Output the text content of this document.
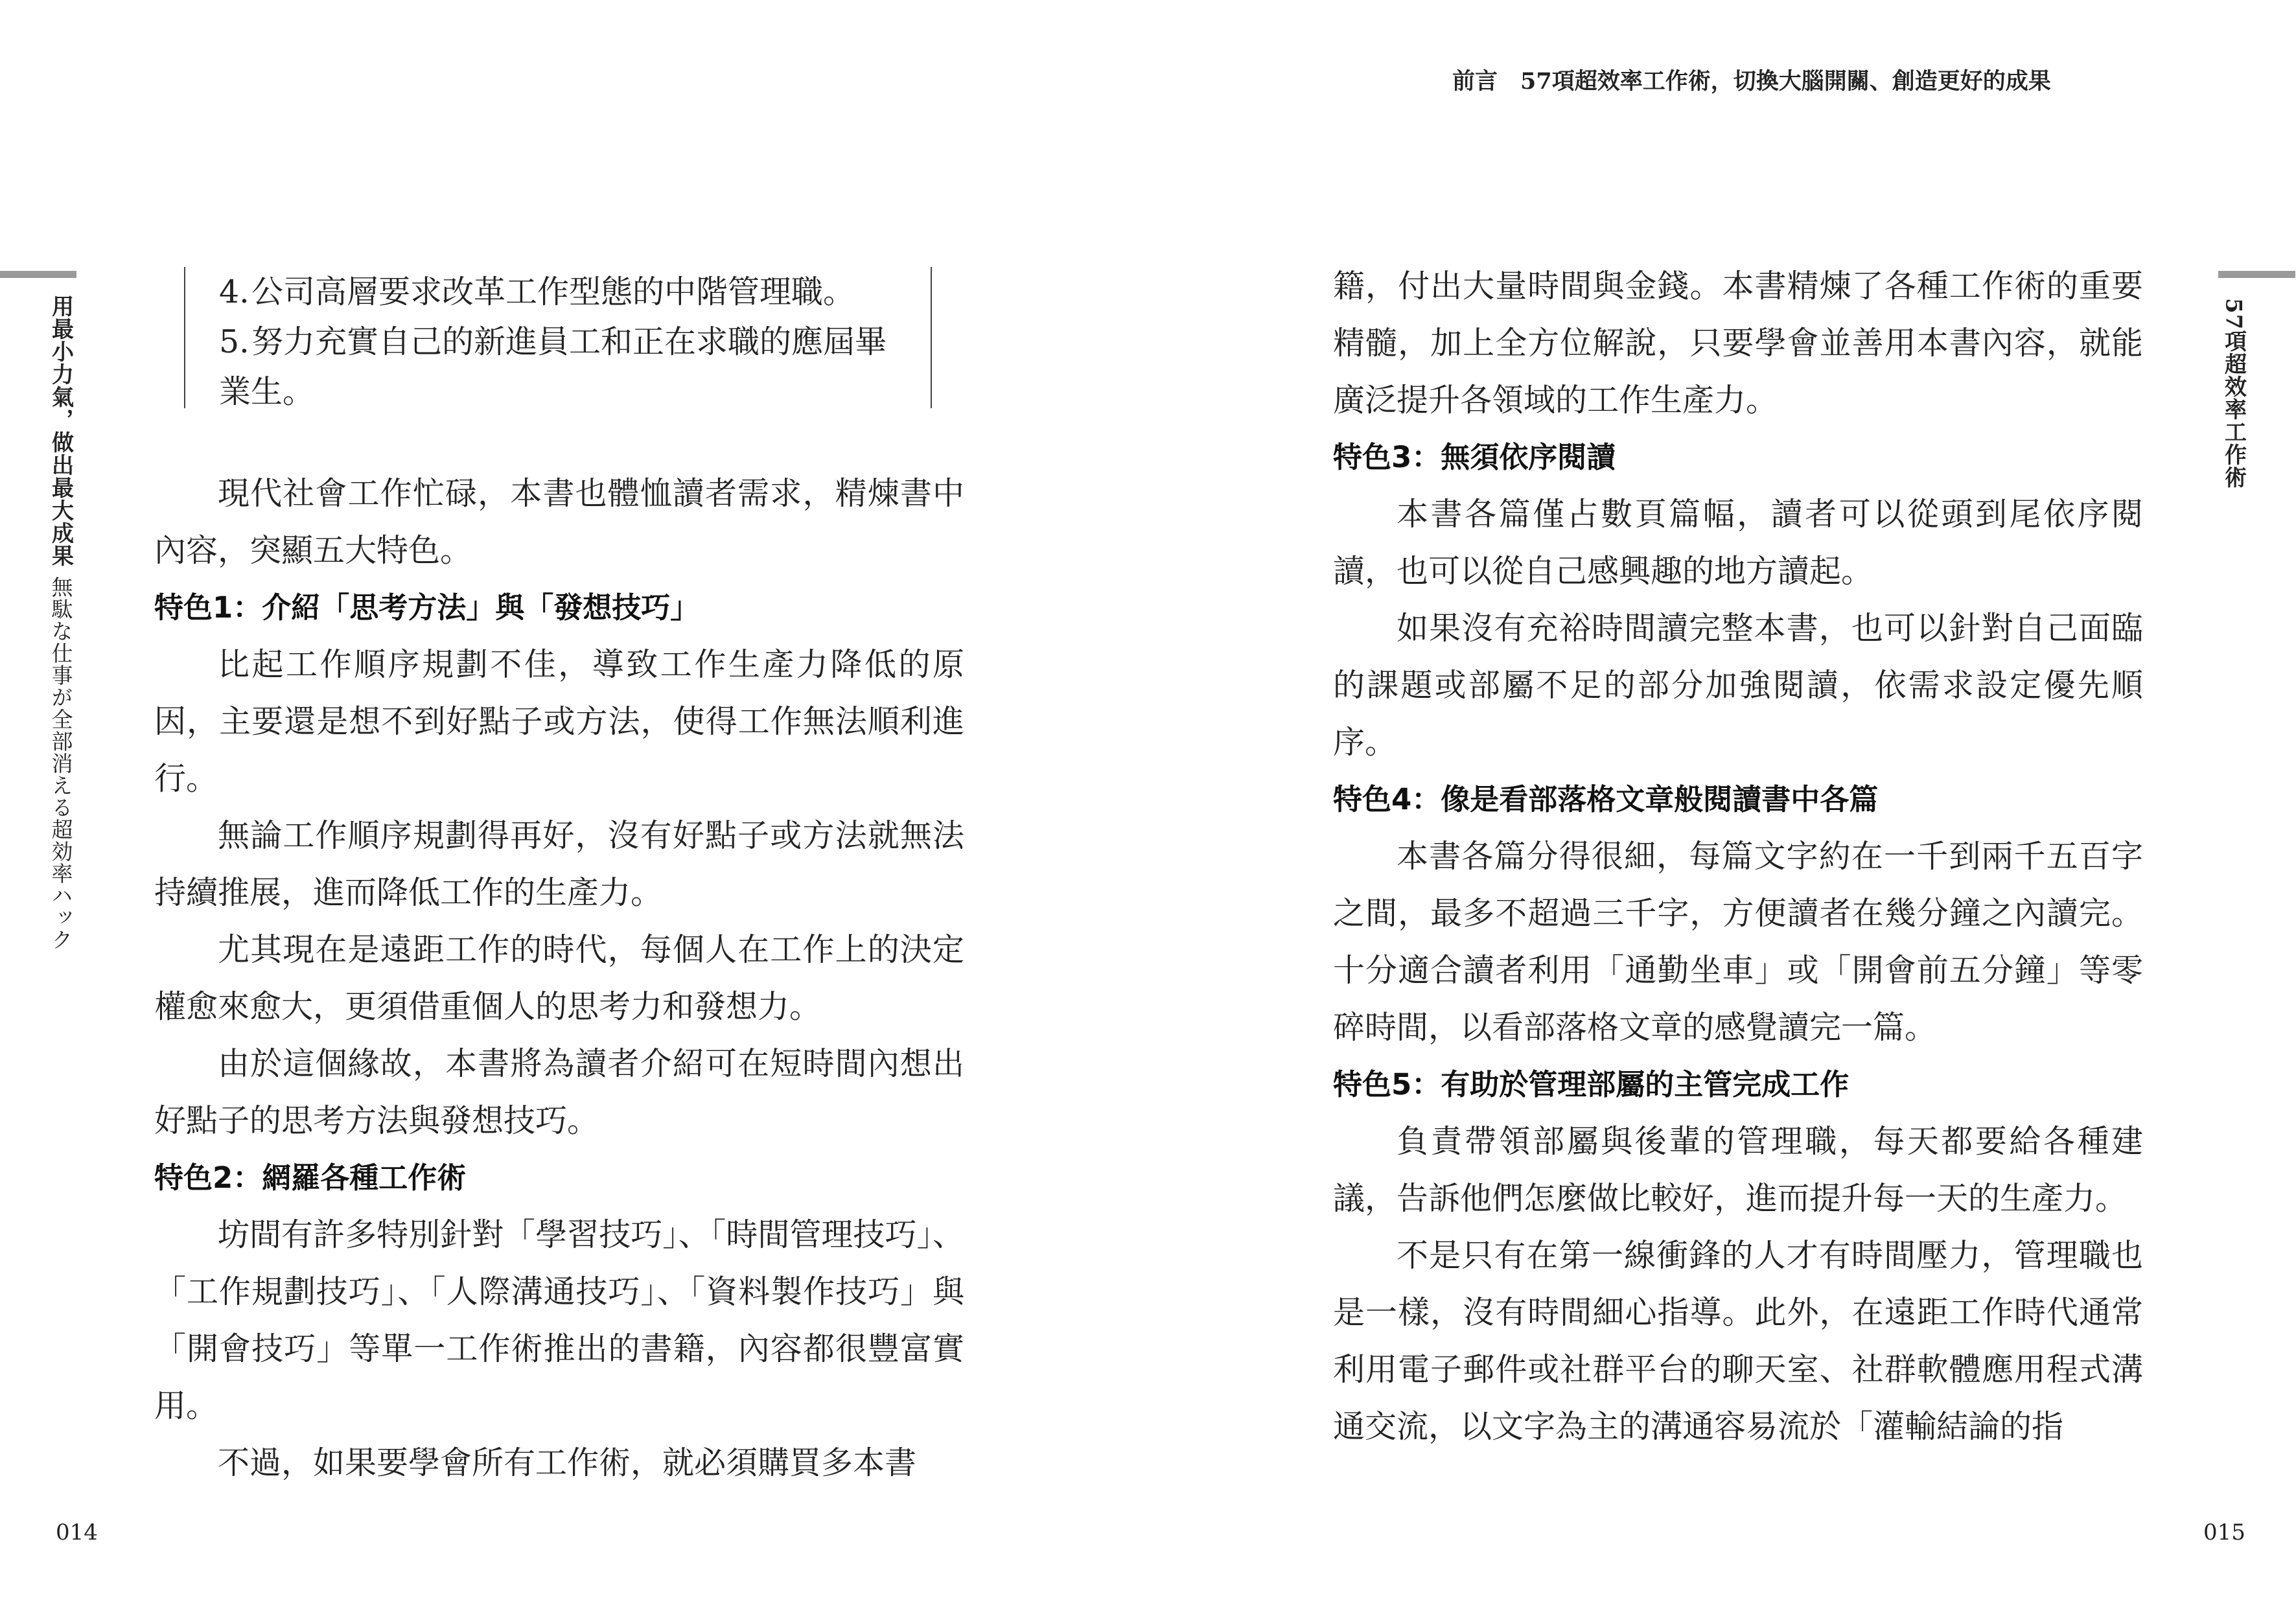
用最小力氣，做出最大成果無駄な仕事が全部消える超効率ハック

4.公司高層要求改革工作型態的中階管理職。

5.努力充實自己的新進員工和正在求職的應屆畢

業生。

現代社會工作忙碌，本書也體恤讀者需求，精煉書中內容，突顯五大特色。

特色1：介紹「思考方法」與「發想技巧」

比起工作順序規劃不佳，導致工作生產力降低的原因，主要還是想不到好點子或方法，使得工作無法順利進行。

無論工作順序規劃得再好，沒有好點子或方法就無法持續推展，進而降低工作的生產力。

尤其現在是遠距工作的時代，每個人在工作上的決定權愈來愈大，更須借重個人的思考力和發想力。

由於這個緣故，本書將為讀者介紹可在短時間內想出好點子的思考方法與發想技巧。

特色2：網羅各種工作術

坊間有許多特別針對「學習技巧」、「時間管理技巧」、「工作規劃技巧」、「人際溝通技巧」、「資料製作技巧」與「開會技巧」等單一工作術推出的書籍，內容都很豐富實用。

不過，如果要學會所有工作術，就必須購買多本書

014
前言　57項超效率工作術，切換大腦開關、創造更好的成果
57項超效率工作術

籍，付出大量時間與金錢。本書精煉了各種工作術的重要精髓，加上全方位解說，只要學會並善用本書內容，就能廣泛提升各領域的工作生產力。

特色3：無須依序閱讀

本書各篇僅占數頁篇幅，讀者可以從頭到尾依序閱讀，也可以從自己感興趣的地方讀起。

如果沒有充裕時間讀完整本書，也可以針對自己面臨的課題或部屬不足的部分加強閱讀，依需求設定優先順序。

特色4：像是看部落格文章般閱讀書中各篇

本書各篇分得很細，每篇文字約在一千到兩千五百字之間，最多不超過三千字，方便讀者在幾分鐘之內讀完。十分適合讀者利用「通勤坐車」或「開會前五分鐘」等零碎時間，以看部落格文章的感覺讀完一篇。

特色5：有助於管理部屬的主管完成工作

負責帶領部屬與後輩的管理職，每天都要給各種建議，告訴他們怎麼做比較好，進而提升每一天的生產力。

不是只有在第一線衝鋒的人才有時間壓力，管理職也是一樣，沒有時間細心指導。此外，在遠距工作時代通常利用電子郵件或社群平台的聊天室、社群軟體應用程式溝通交流，以文字為主的溝通容易流於「灌輸結論的指

015
